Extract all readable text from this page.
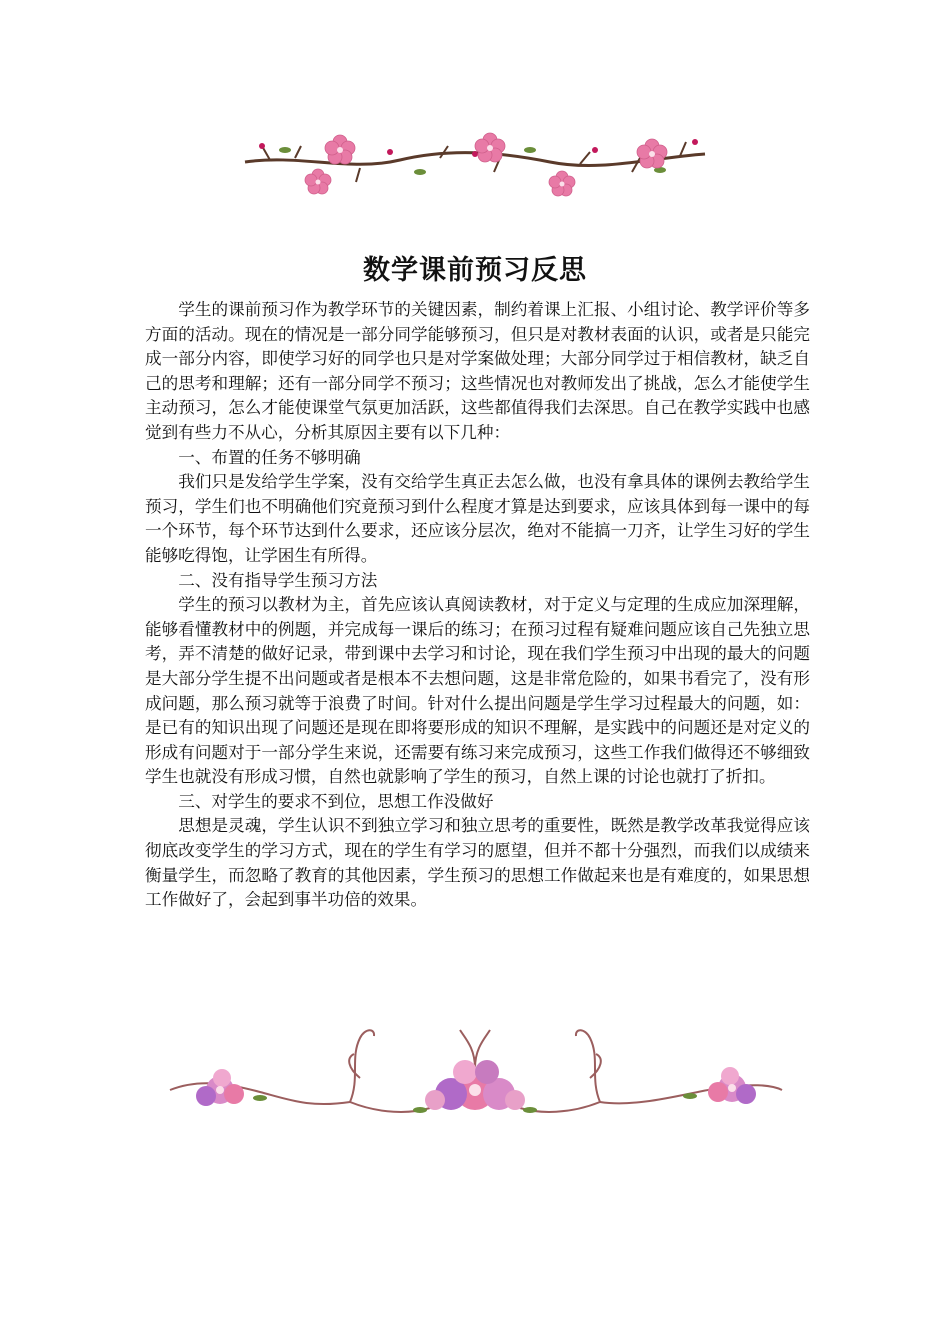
数学课前预习反思

学生的课前预习作为教学环节的关键因素，制约着课上汇报、小组讨论、教学评价等多方面的活动。现在的情况是一部分同学能够预习，但只是对教材表面的认识，或者是只能完成一部分内容，即使学习好的同学也只是对学案做处理；大部分同学过于相信教材，缺乏自己的思考和理解；还有一部分同学不预习；这些情况也对教师发出了挑战，怎么才能使学生主动预习，怎么才能使课堂气氛更加活跃，这些都值得我们去深思。自己在教学实践中也感觉到有些力不从心，分析其原因主要有以下几种：

一、布置的任务不够明确

我们只是发给学生学案，没有交给学生真正去怎么做，也没有拿具体的课例去教给学生预习，学生们也不明确他们究竟预习到什么程度才算是达到要求，应该具体到每一课中的每一个环节，每个环节达到什么要求，还应该分层次，绝对不能搞一刀齐，让学生习好的学生能够吃得饱，让学困生有所得。

二、没有指导学生预习方法

学生的预习以教材为主，首先应该认真阅读教材，对于定义与定理的生成应加深理解，能够看懂教材中的例题，并完成每一课后的练习；在预习过程有疑难问题应该自己先独立思考，弄不清楚的做好记录，带到课中去学习和讨论，现在我们学生预习中出现的最大的问题是大部分学生提不出问题或者是根本不去想问题，这是非常危险的，如果书看完了，没有形成问题，那么预习就等于浪费了时间。针对什么提出问题是学生学习过程最大的问题，如：是已有的知识出现了问题还是现在即将要形成的知识不理解，是实践中的问题还是对定义的形成有问题对于一部分学生来说，还需要有练习来完成预习，这些工作我们做得还不够细致学生也就没有形成习惯，自然也就影响了学生的预习，自然上课的讨论也就打了折扣。

三、对学生的要求不到位，思想工作没做好

思想是灵魂，学生认识不到独立学习和独立思考的重要性，既然是教学改革我觉得应该彻底改变学生的学习方式，现在的学生有学习的愿望，但并不都十分强烈，而我们以成绩来衡量学生，而忽略了教育的其他因素，学生预习的思想工作做起来也是有难度的，如果思想工作做好了，会起到事半功倍的效果。
